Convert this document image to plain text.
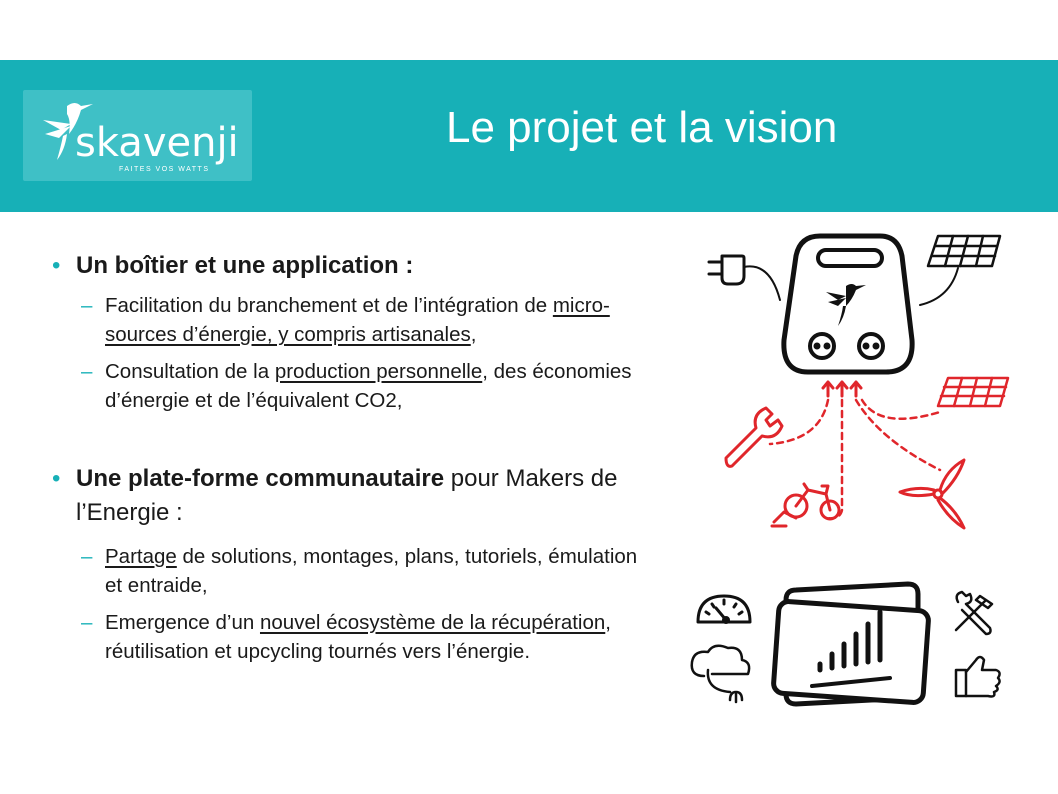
skavenji
FAITES VOS WATTS
Le projet et la vision

• Un boîtier et une application :

– Facilitation du branchement et de l’intégration de micro-sources d’énergie, y compris artisanales,

– Consultation de la production personnelle, des économies d’énergie et de l’équivalent CO2,

• Une plate-forme communautaire pour Makers de l’Energie :

– Partage de solutions, montages, plans, tutoriels, émulation et entraide,

– Emergence d’un nouvel écosystème de la récupération, réutilisation et upcycling tournés vers l’énergie.
